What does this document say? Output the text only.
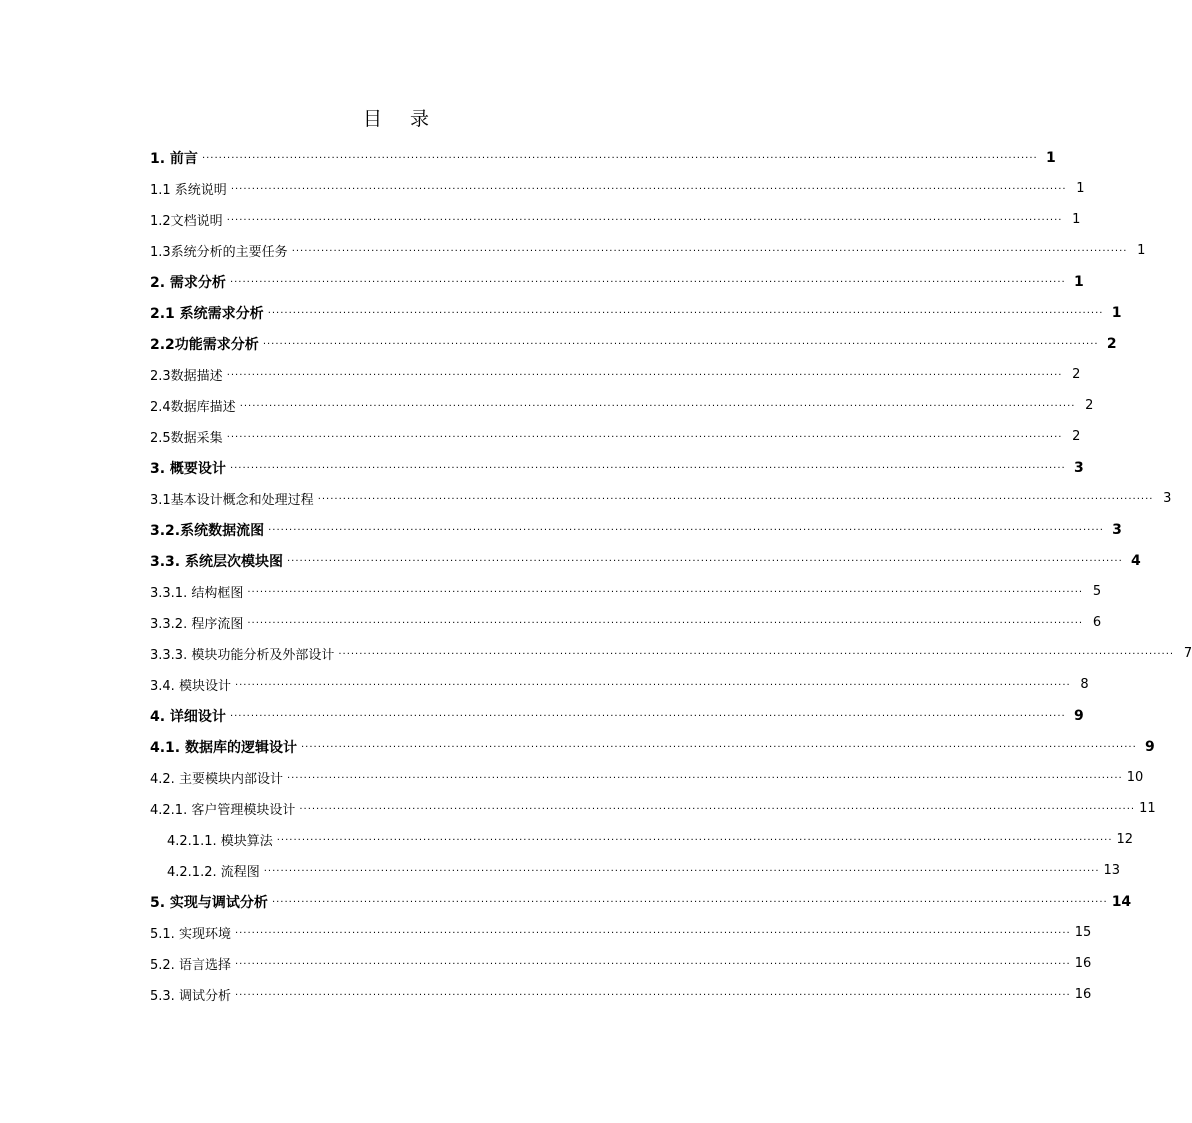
目 录
1. 前言 ········································································································································································································ 1
1.1 系统说明 ········································································································································································································ 1
1.2文档说明 ········································································································································································································ 1
1.3系统分析的主要任务 ········································································································································································································ 1
2. 需求分析 ········································································································································································································ 1
2.1 系统需求分析 ········································································································································································································ 1
2.2功能需求分析 ········································································································································································································ 2
2.3数据描述 ········································································································································································································ 2
2.4数据库描述 ········································································································································································································ 2
2.5数据采集 ········································································································································································································ 2
3. 概要设计 ········································································································································································································ 3
3.1基本设计概念和处理过程 ········································································································································································································ 3
3.2.系统数据流图 ········································································································································································································ 3
3.3. 系统层次模块图 ········································································································································································································ 4
3.3.1. 结构框图 ········································································································································································································ 5
3.3.2. 程序流图 ········································································································································································································ 6
3.3.3. 模块功能分析及外部设计 ········································································································································································································ 7
3.4. 模块设计 ········································································································································································································ 8
4. 详细设计 ········································································································································································································ 9
4.1. 数据库的逻辑设计 ········································································································································································································ 9
4.2. 主要模块内部设计 ········································································································································································································ 10
4.2.1. 客户管理模块设计 ········································································································································································································ 11
4.2.1.1. 模块算法 ········································································································································································································ 12
4.2.1.2. 流程图 ········································································································································································································ 13
5. 实现与调试分析 ········································································································································································································ 14
5.1. 实现环境 ········································································································································································································ 15
5.2. 语言选择 ········································································································································································································ 16
5.3. 调试分析 ········································································································································································································ 16
